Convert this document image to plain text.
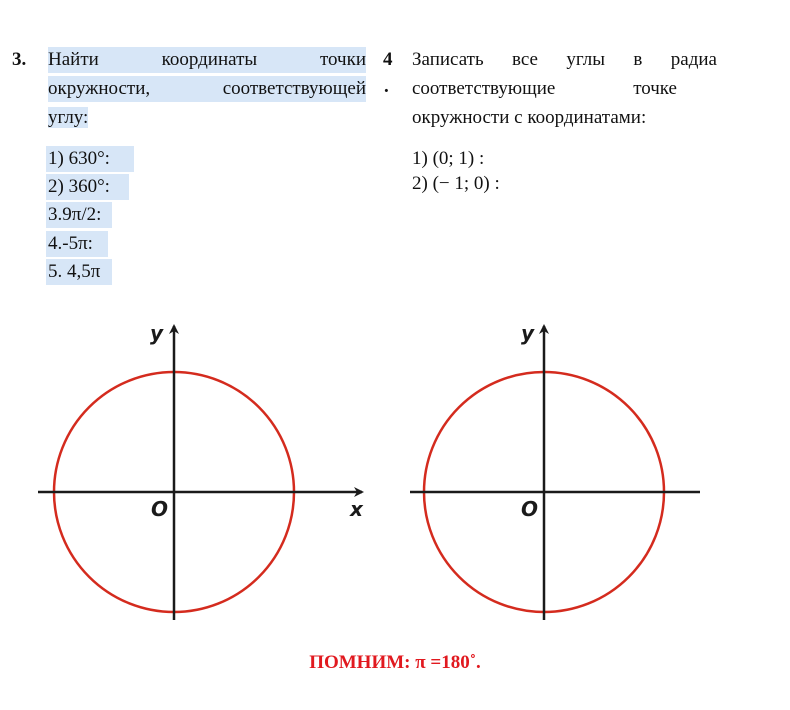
3. Найти	координаты	точки
окружности,	соответствующей
углу:
1) 630°:
2) 360°:
3.9π/2:
4.-5π:
5. 4,5π
4
.
Записать все углы в радиа
соответствующие	точке
окружности с координатами:
1) (0; 1) :
2) (− 1; 0) :
y
x
O
y
O
ПОМНИМ: π =180˚.
